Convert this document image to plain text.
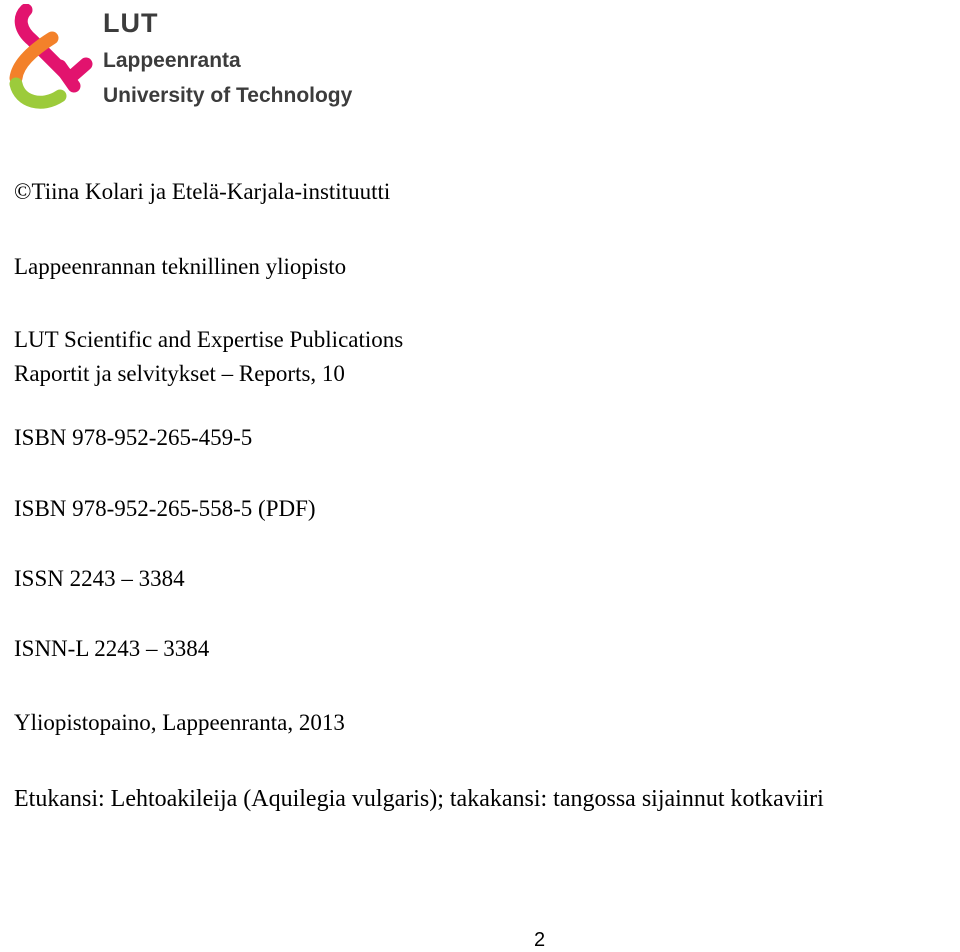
LUT
Lappeenranta
University of Technology
©Tiina Kolari ja Etelä-Karjala-instituutti
Lappeenrannan teknillinen yliopisto
LUT Scientific and Expertise Publications
Raportit ja selvitykset – Reports, 10
ISBN 978-952-265-459-5
ISBN 978-952-265-558-5 (PDF)
ISSN 2243 – 3384
ISNN-L 2243 – 3384
Yliopistopaino, Lappeenranta, 2013
Etukansi: Lehtoakileija (Aquilegia vulgaris); takakansi: tangossa sijainnut kotkaviiri
2
